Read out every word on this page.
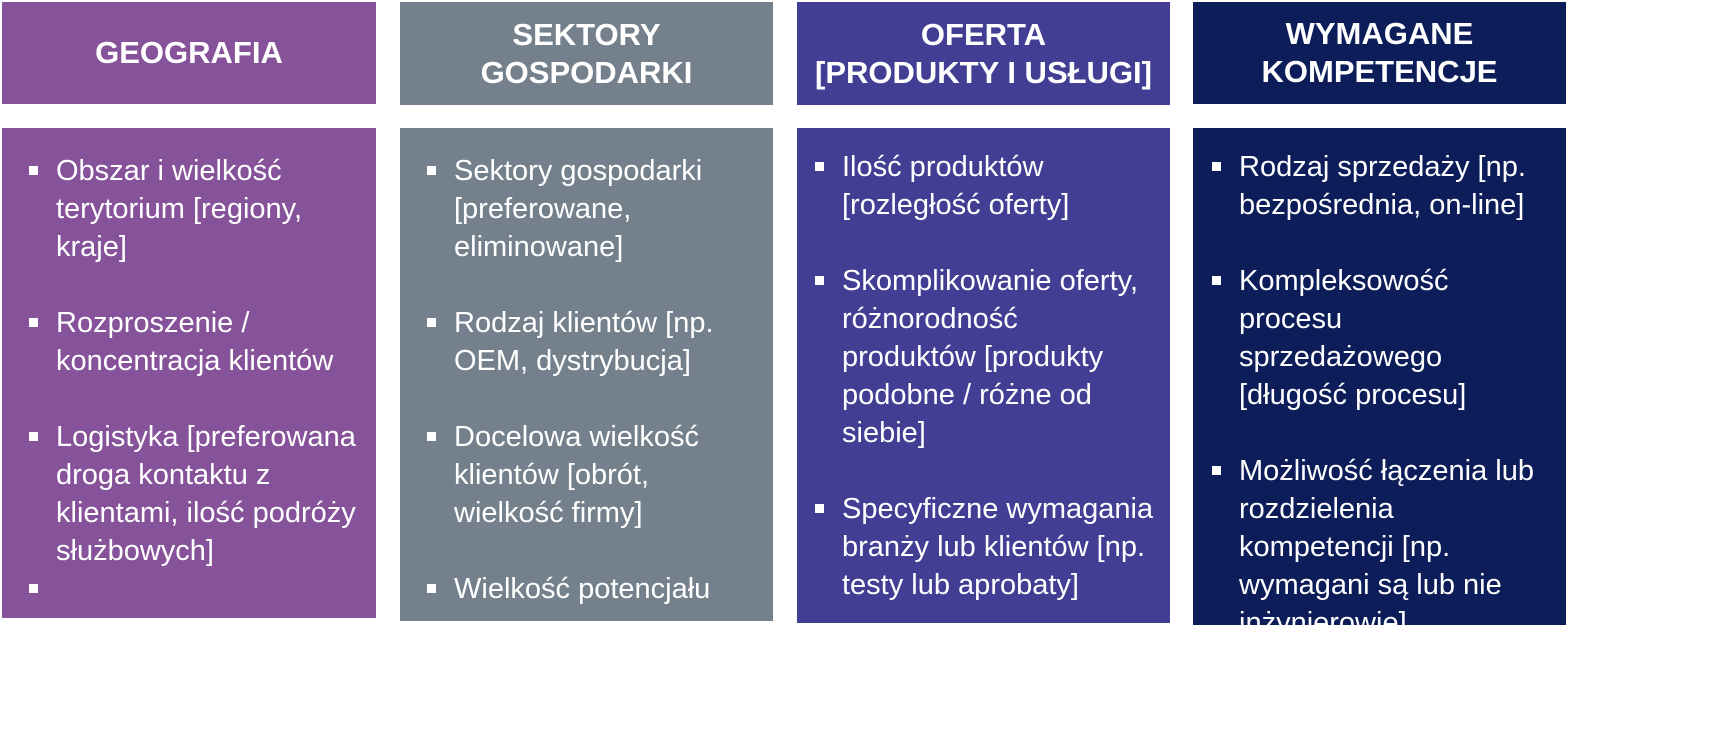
GEOGRAFIA
Obszar i wielkość terytorium [regiony, kraje]
Rozproszenie / koncentracja klientów
Logistyka [preferowana droga kontaktu z klientami, ilość podróży służbowych]
SEKTORY
GOSPODARKI
Sektory gospodarki [preferowane, eliminowane]
Rodzaj klientów [np. OEM, dystrybucja]
Docelowa wielkość klientów [obrót, wielkość firmy]
Wielkość potencjału
OFERTA
[PRODUKTY I USŁUGI]
Ilość produktów [rozległość oferty]
Skomplikowanie oferty, różnorodność produktów [produkty podobne / różne od siebie]
Specyficzne wymagania branży lub klientów [np. testy lub aprobaty]
WYMAGANE
KOMPETENCJE
Rodzaj sprzedaży [np. bezpośrednia, on-line]
Kompleksowość procesu sprzedażowego [długość procesu]
Możliwość łączenia lub rozdzielenia kompetencji [np. wymagani są lub nie inżynierowie]
